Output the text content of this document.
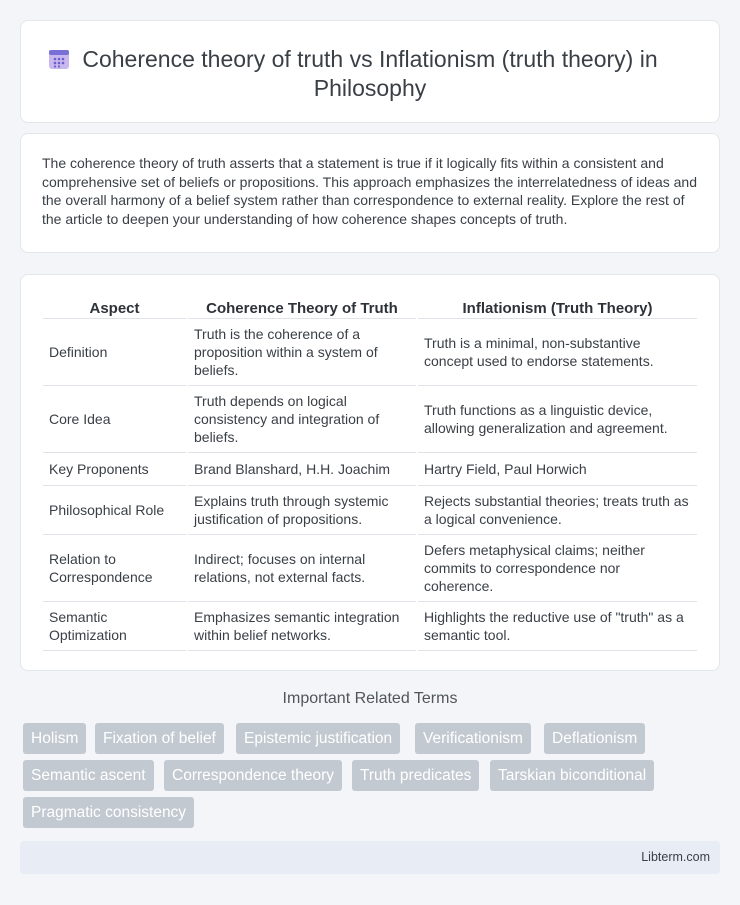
Coherence theory of truth vs Inflationism (truth theory) in Philosophy

The coherence theory of truth asserts that a statement is true if it logically fits within a consistent and comprehensive set of beliefs or propositions. This approach emphasizes the interrelatedness of ideas and the overall harmony of a belief system rather than correspondence to external reality. Explore the rest of the article to deepen your understanding of how coherence shapes concepts of truth.

Aspect	Coherence Theory of Truth	Inflationism (Truth Theory)
Definition	Truth is the coherence of a proposition within a system of beliefs.	Truth is a minimal, non-substantive concept used to endorse statements.
Core Idea	Truth depends on logical consistency and integration of beliefs.	Truth functions as a linguistic device, allowing generalization and agreement.
Key Proponents	Brand Blanshard, H.H. Joachim	Hartry Field, Paul Horwich
Philosophical Role	Explains truth through systemic justification of propositions.	Rejects substantial theories; treats truth as a logical convenience.
Relation to Correspondence	Indirect; focuses on internal relations, not external facts.	Defers metaphysical claims; neither commits to correspondence nor coherence.
Semantic Optimization	Emphasizes semantic integration within belief networks.	Highlights the reductive use of "truth" as a semantic tool.
Important Related Terms
Holism	Fixation of belief	Epistemic justification	Verificationism	Deflationism
Semantic ascent	Correspondence theory	Truth predicates	Tarskian biconditional
Pragmatic consistency
Libterm.com
